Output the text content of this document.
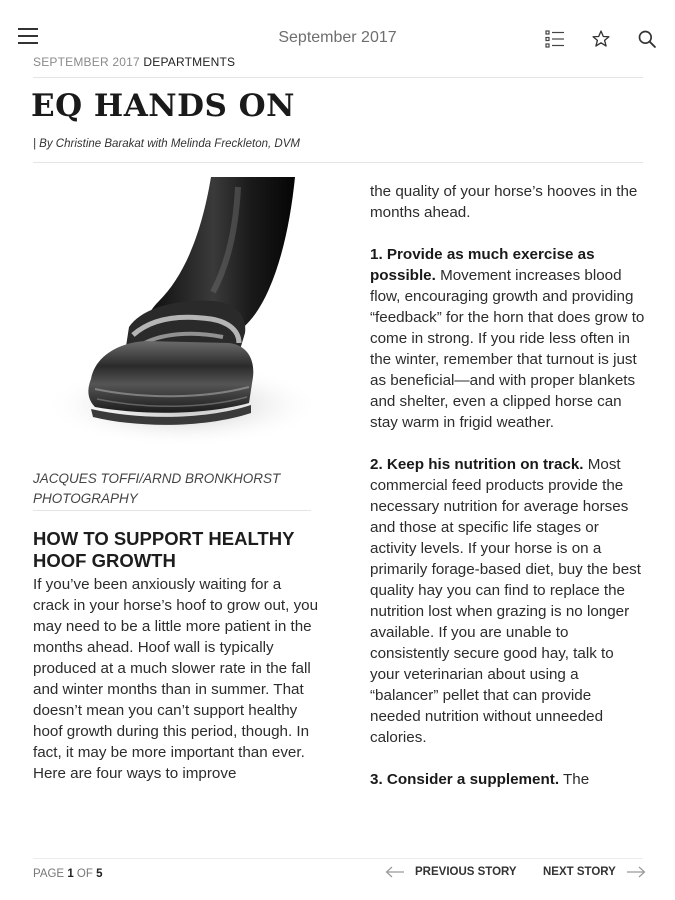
September 2017
SEPTEMBER 2017 DEPARTMENTS
EQ HANDS ON
| By Christine Barakat with Melinda Freckleton, DVM
JACQUES TOFFI/ARND BRONKHORST PHOTOGRAPHY
HOW TO SUPPORT HEALTHY HOOF GROWTH

If you’ve been anxiously waiting for a crack in your horse’s hoof to grow out, you may need to be a little more patient in the months ahead. Hoof wall is typically produced at a much slower rate in the fall and winter months than in summer. That doesn’t mean you can’t support healthy hoof growth during this period, though. In fact, it may be more important than ever. Here are four ways to improve

the quality of your horse’s hooves in the months ahead.

1. Provide as much exercise as possible. Movement increases blood flow, encouraging growth and providing “feedback” for the horn that does grow to come in strong. If you ride less often in the winter, remember that turnout is just as beneficial—and with proper blankets and shelter, even a clipped horse can stay warm in frigid weather.

2. Keep his nutrition on track. Most commercial feed products provide the necessary nutrition for average horses and those at specific life stages or activity levels. If your horse is on a primarily forage-based diet, buy the best quality hay you can find to replace the nutrition lost when grazing is no longer available. If you are unable to consistently secure good hay, talk to your veterinarian about using a “balancer” pellet that can provide needed nutrition without unneeded calories.

3. Consider a supplement. The

PAGE 1 OF 5	PREVIOUS STORY NEXT STORY
